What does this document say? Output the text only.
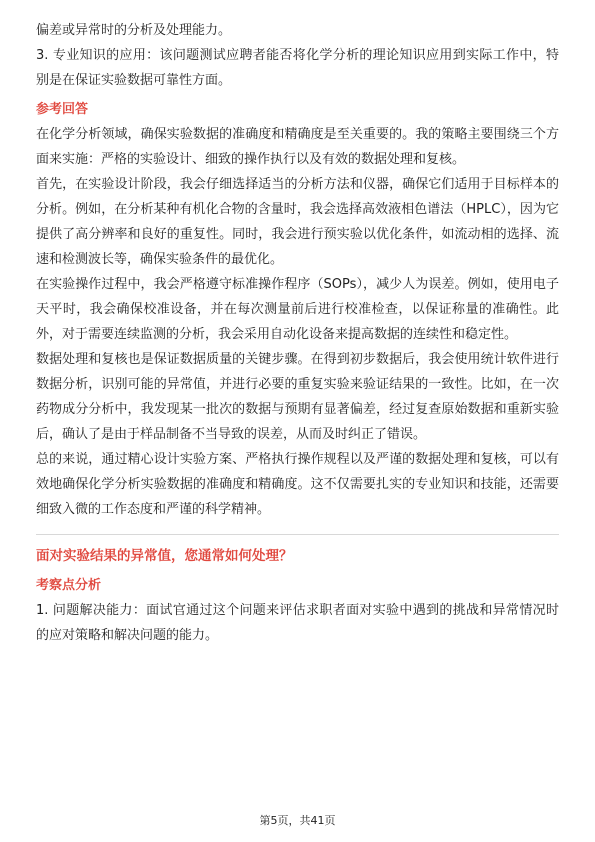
偏差或异常时的分析及处理能力。

3. 专业知识的应用：该问题测试应聘者能否将化学分析的理论知识应用到实际工作中，特别是在保证实验数据可靠性方面。

参考回答

在化学分析领域，确保实验数据的准确度和精确度是至关重要的。我的策略主要围绕三个方面来实施：严格的实验设计、细致的操作执行以及有效的数据处理和复核。

首先，在实验设计阶段，我会仔细选择适当的分析方法和仪器，确保它们适用于目标样本的分析。例如，在分析某种有机化合物的含量时，我会选择高效液相色谱法（HPLC），因为它提供了高分辨率和良好的重复性。同时，我会进行预实验以优化条件，如流动相的选择、流速和检测波长等，确保实验条件的最优化。

在实验操作过程中，我会严格遵守标准操作程序（SOPs），减少人为误差。例如，使用电子天平时，我会确保校准设备，并在每次测量前后进行校准检查，以保证称量的准确性。此外，对于需要连续监测的分析，我会采用自动化设备来提高数据的连续性和稳定性。

数据处理和复核也是保证数据质量的关键步骤。在得到初步数据后，我会使用统计软件进行数据分析，识别可能的异常值，并进行必要的重复实验来验证结果的一致性。比如，在一次药物成分分析中，我发现某一批次的数据与预期有显著偏差，经过复查原始数据和重新实验后，确认了是由于样品制备不当导致的误差，从而及时纠正了错误。

总的来说，通过精心设计实验方案、严格执行操作规程以及严谨的数据处理和复核，可以有效地确保化学分析实验数据的准确度和精确度。这不仅需要扎实的专业知识和技能，还需要细致入微的工作态度和严谨的科学精神。

面对实验结果的异常值，您通常如何处理？
考察点分析

1. 问题解决能力：面试官通过这个问题来评估求职者面对实验中遇到的挑战和异常情况时的应对策略和解决问题的能力。

第5页，共41页
